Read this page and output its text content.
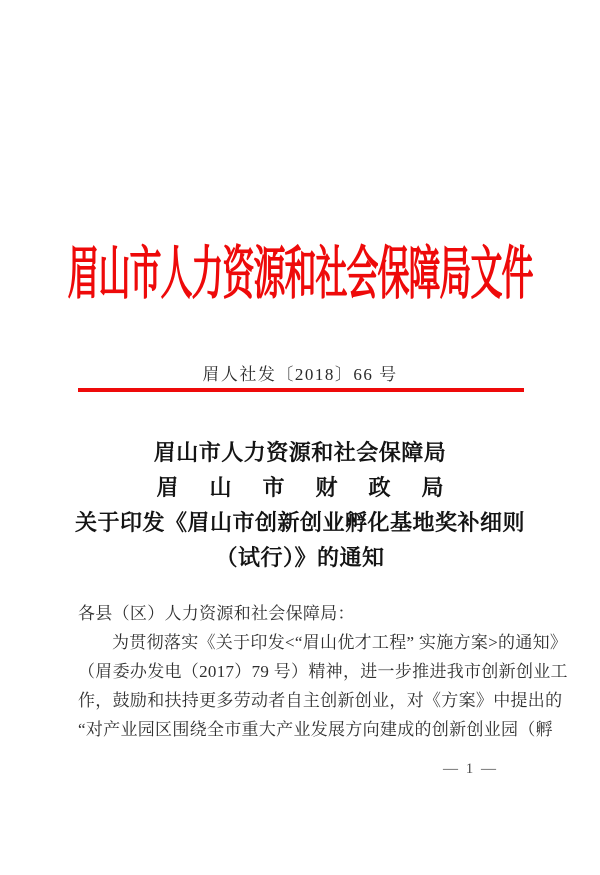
眉山市人力资源和社会保障局文件
眉人社发〔2018〕66 号
眉山市人力资源和社会保障局
眉山市财政局
关于印发《眉山市创新创业孵化基地奖补细则
（试行）》的通知
各县（区）人力资源和社会保障局：
为贯彻落实《关于印发<“眉山优才工程” 实施方案>的通知》
（眉委办发电（2017）79 号）精神，进一步推进我市创新创业工
作，鼓励和扶持更多劳动者自主创新创业，对《方案》中提出的
“对产业园区围绕全市重大产业发展方向建成的创新创业园（孵
— 1 —
